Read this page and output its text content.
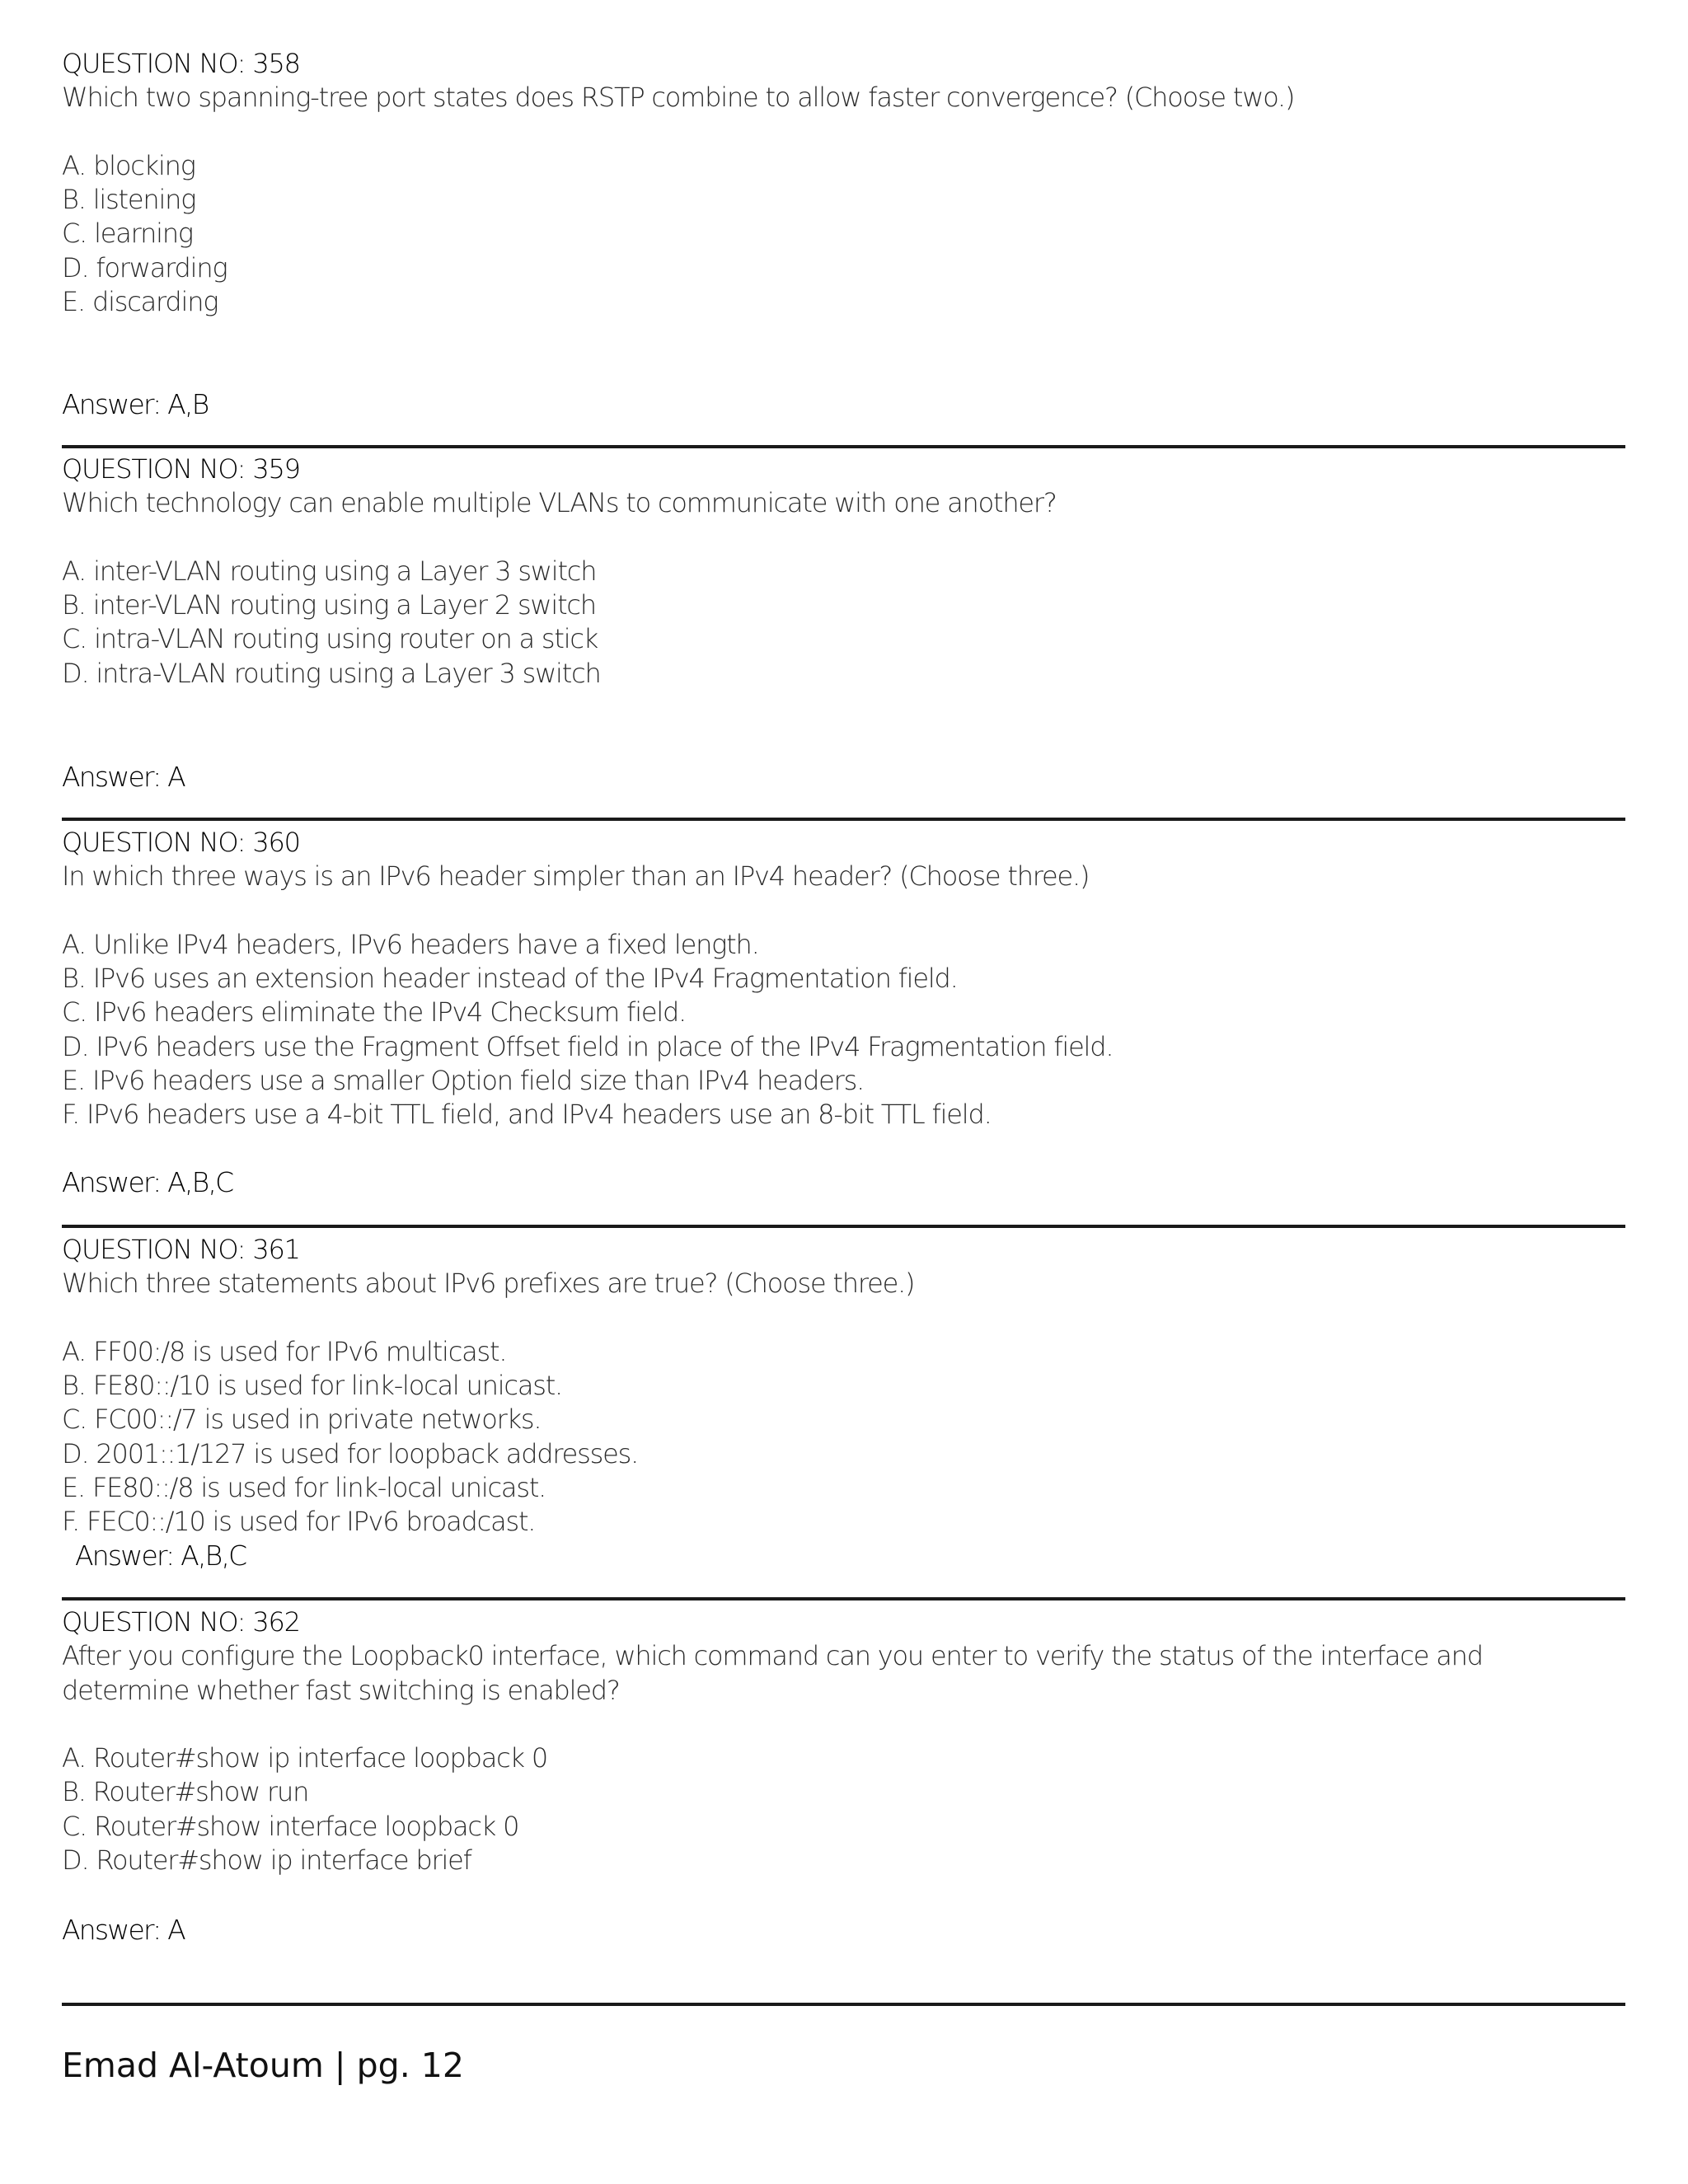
QUESTION NO: 358
Which two spanning-tree port states does RSTP combine to allow faster convergence? (Choose two.)
A. blocking
B. listening
C. learning
D. forwarding
E. discarding
Answer: A,B
QUESTION NO: 359
Which technology can enable multiple VLANs to communicate with one another?
A. inter-VLAN routing using a Layer 3 switch
B. inter-VLAN routing using a Layer 2 switch
C. intra-VLAN routing using router on a stick
D. intra-VLAN routing using a Layer 3 switch
Answer: A
QUESTION NO: 360
In which three ways is an IPv6 header simpler than an IPv4 header? (Choose three.)
A. Unlike IPv4 headers, IPv6 headers have a fixed length.
B. IPv6 uses an extension header instead of the IPv4 Fragmentation field.
C. IPv6 headers eliminate the IPv4 Checksum field.
D. IPv6 headers use the Fragment Offset field in place of the IPv4 Fragmentation field.
E. IPv6 headers use a smaller Option field size than IPv4 headers.
F. IPv6 headers use a 4-bit TTL field, and IPv4 headers use an 8-bit TTL field.
Answer: A,B,C
QUESTION NO: 361
Which three statements about IPv6 prefixes are true? (Choose three.)
A. FF00:/8 is used for IPv6 multicast.
B. FE80::/10 is used for link-local unicast.
C. FC00::/7 is used in private networks.
D. 2001::1/127 is used for loopback addresses.
E. FE80::/8 is used for link-local unicast.
F. FEC0::/10 is used for IPv6 broadcast.
Answer: A,B,C
QUESTION NO: 362
After you configure the Loopback0 interface, which command can you enter to verify the status of the interface and determine whether fast switching is enabled?
A. Router#show ip interface loopback 0
B. Router#show run
C. Router#show interface loopback 0
D. Router#show ip interface brief
Answer: A
Emad Al-Atoum | pg. 12
